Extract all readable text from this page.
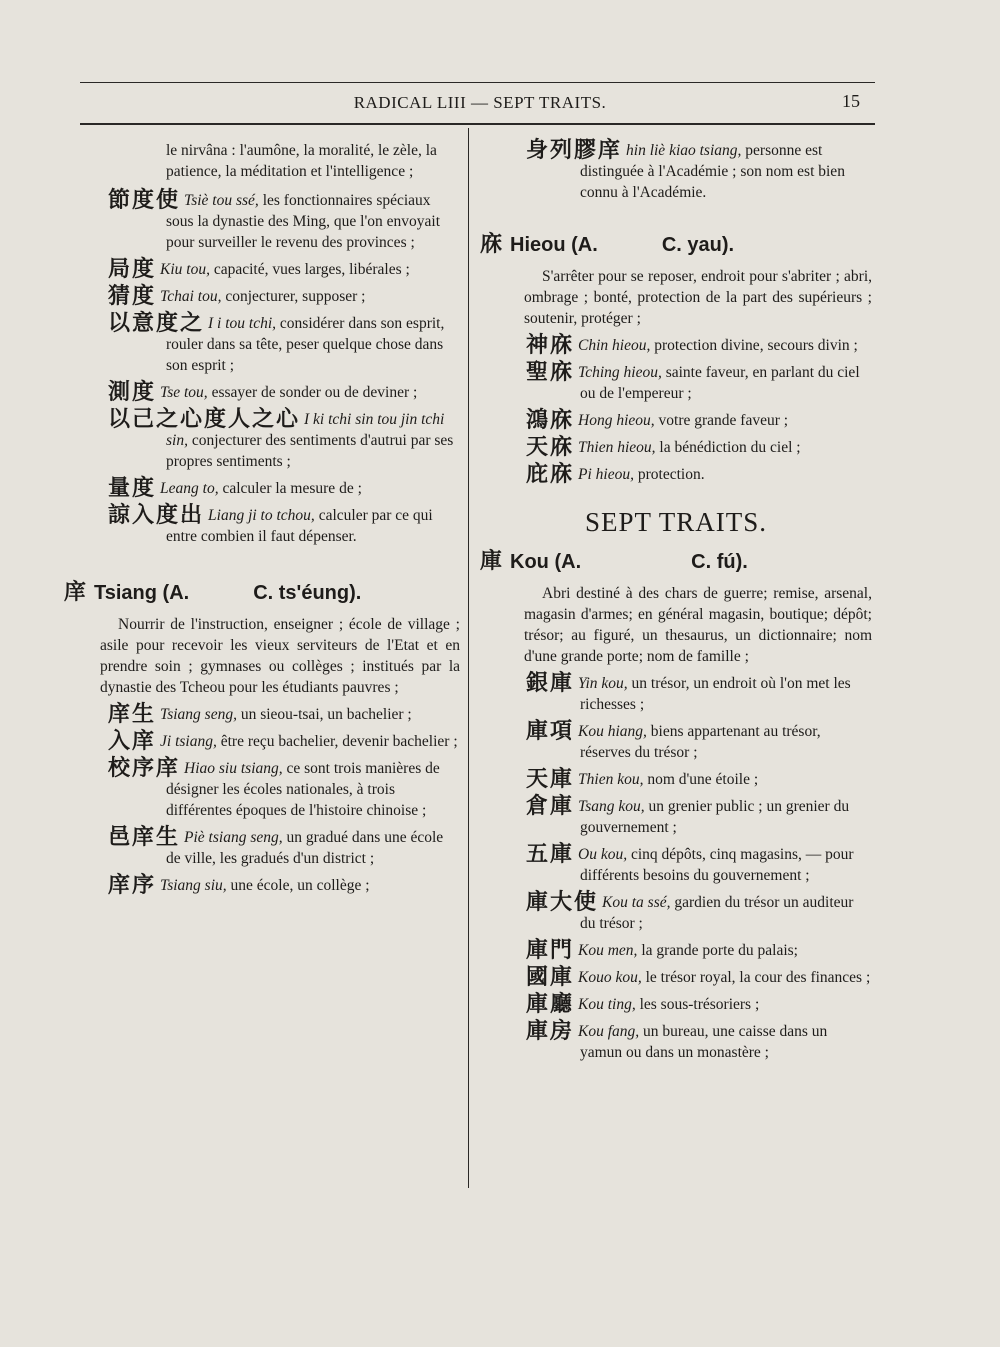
RADICAL LIII — SEPT TRAITS.	15
le nirvâna : l'aumône, la moralité, le zèle, la patience, la méditation et l'intelligence ;
節度使 Tsiè tou ssé, les fonctionnaires spéciaux sous la dynastie des Ming, que l'on envoyait pour surveiller le revenu des provinces ;
局度 Kiu tou, capacité, vues larges, libérales ;
猜度 Tchai tou, conjecturer, supposer ;
以意度之 I i tou tchi, considérer dans son esprit, rouler dans sa tête, peser quelque chose dans son esprit ;
測度 Tse tou, essayer de sonder ou de deviner ;
以己之心度人之心 I ki tchi sin tou jin tchi sin, conjecturer des sentiments d'autrui par ses propres sentiments ;
量度 Leang to, calculer la mesure de ;
諒入度出 Liang ji to tchou, calculer par ce qui entre combien il faut dépenser.
庠 Tsiang (A.	C. ts'éung).
Nourrir de l'instruction, enseigner ; école de village ; asile pour recevoir les vieux serviteurs de l'Etat et en prendre soin ; gymnases ou collèges ; institués par la dynastie des Tcheou pour les étudiants pauvres ;
庠生 Tsiang seng, un sieou-tsai, un bachelier ;
入庠 Ji tsiang, être reçu bachelier, devenir bachelier ;
校序庠 Hiao siu tsiang, ce sont trois manières de désigner les écoles nationales, à trois différentes époques de l'histoire chinoise ;
邑庠生 Piè tsiang seng, un gradué dans une école de ville, les gradués d'un district ;
庠序 Tsiang siu, une école, un collège ;
身列膠庠 hin liè kiao tsiang, personne est distinguée à l'Académie ; son nom est bien connu à l'Académie.
庥 Hieou (A.	C. yau).
S'arrêter pour se reposer, endroit pour s'abriter ; abri, ombrage ; bonté, protection de la part des supérieurs ; soutenir, protéger ;
神庥 Chin hieou, protection divine, secours divin ;
聖庥 Tching hieou, sainte faveur, en parlant du ciel ou de l'empereur ;
鴻庥 Hong hieou, votre grande faveur ;
天庥 Thien hieou, la bénédiction du ciel ;
庇庥 Pi hieou, protection.
SEPT TRAITS.
庫 Kou (A.	C. fú).
Abri destiné à des chars de guerre; remise, arsenal, magasin d'armes; en général magasin, boutique; dépôt; trésor; au figuré, un thesaurus, un dictionnaire; nom d'une grande porte; nom de famille ;
銀庫 Yin kou, un trésor, un endroit où l'on met les richesses ;
庫項 Kou hiang, biens appartenant au trésor, réserves du trésor ;
天庫 Thien kou, nom d'une étoile ;
倉庫 Tsang kou, un grenier public ; un grenier du gouvernement ;
五庫 Ou kou, cinq dépôts, cinq magasins, — pour différents besoins du gouvernement ;
庫大使 Kou ta ssé, gardien du trésor un auditeur du trésor ;
庫門 Kou men, la grande porte du palais;
國庫 Kouo kou, le trésor royal, la cour des finances ;
庫廳 Kou ting, les sous-trésoriers ;
庫房 Kou fang, un bureau, une caisse dans un yamun ou dans un monastère ;
